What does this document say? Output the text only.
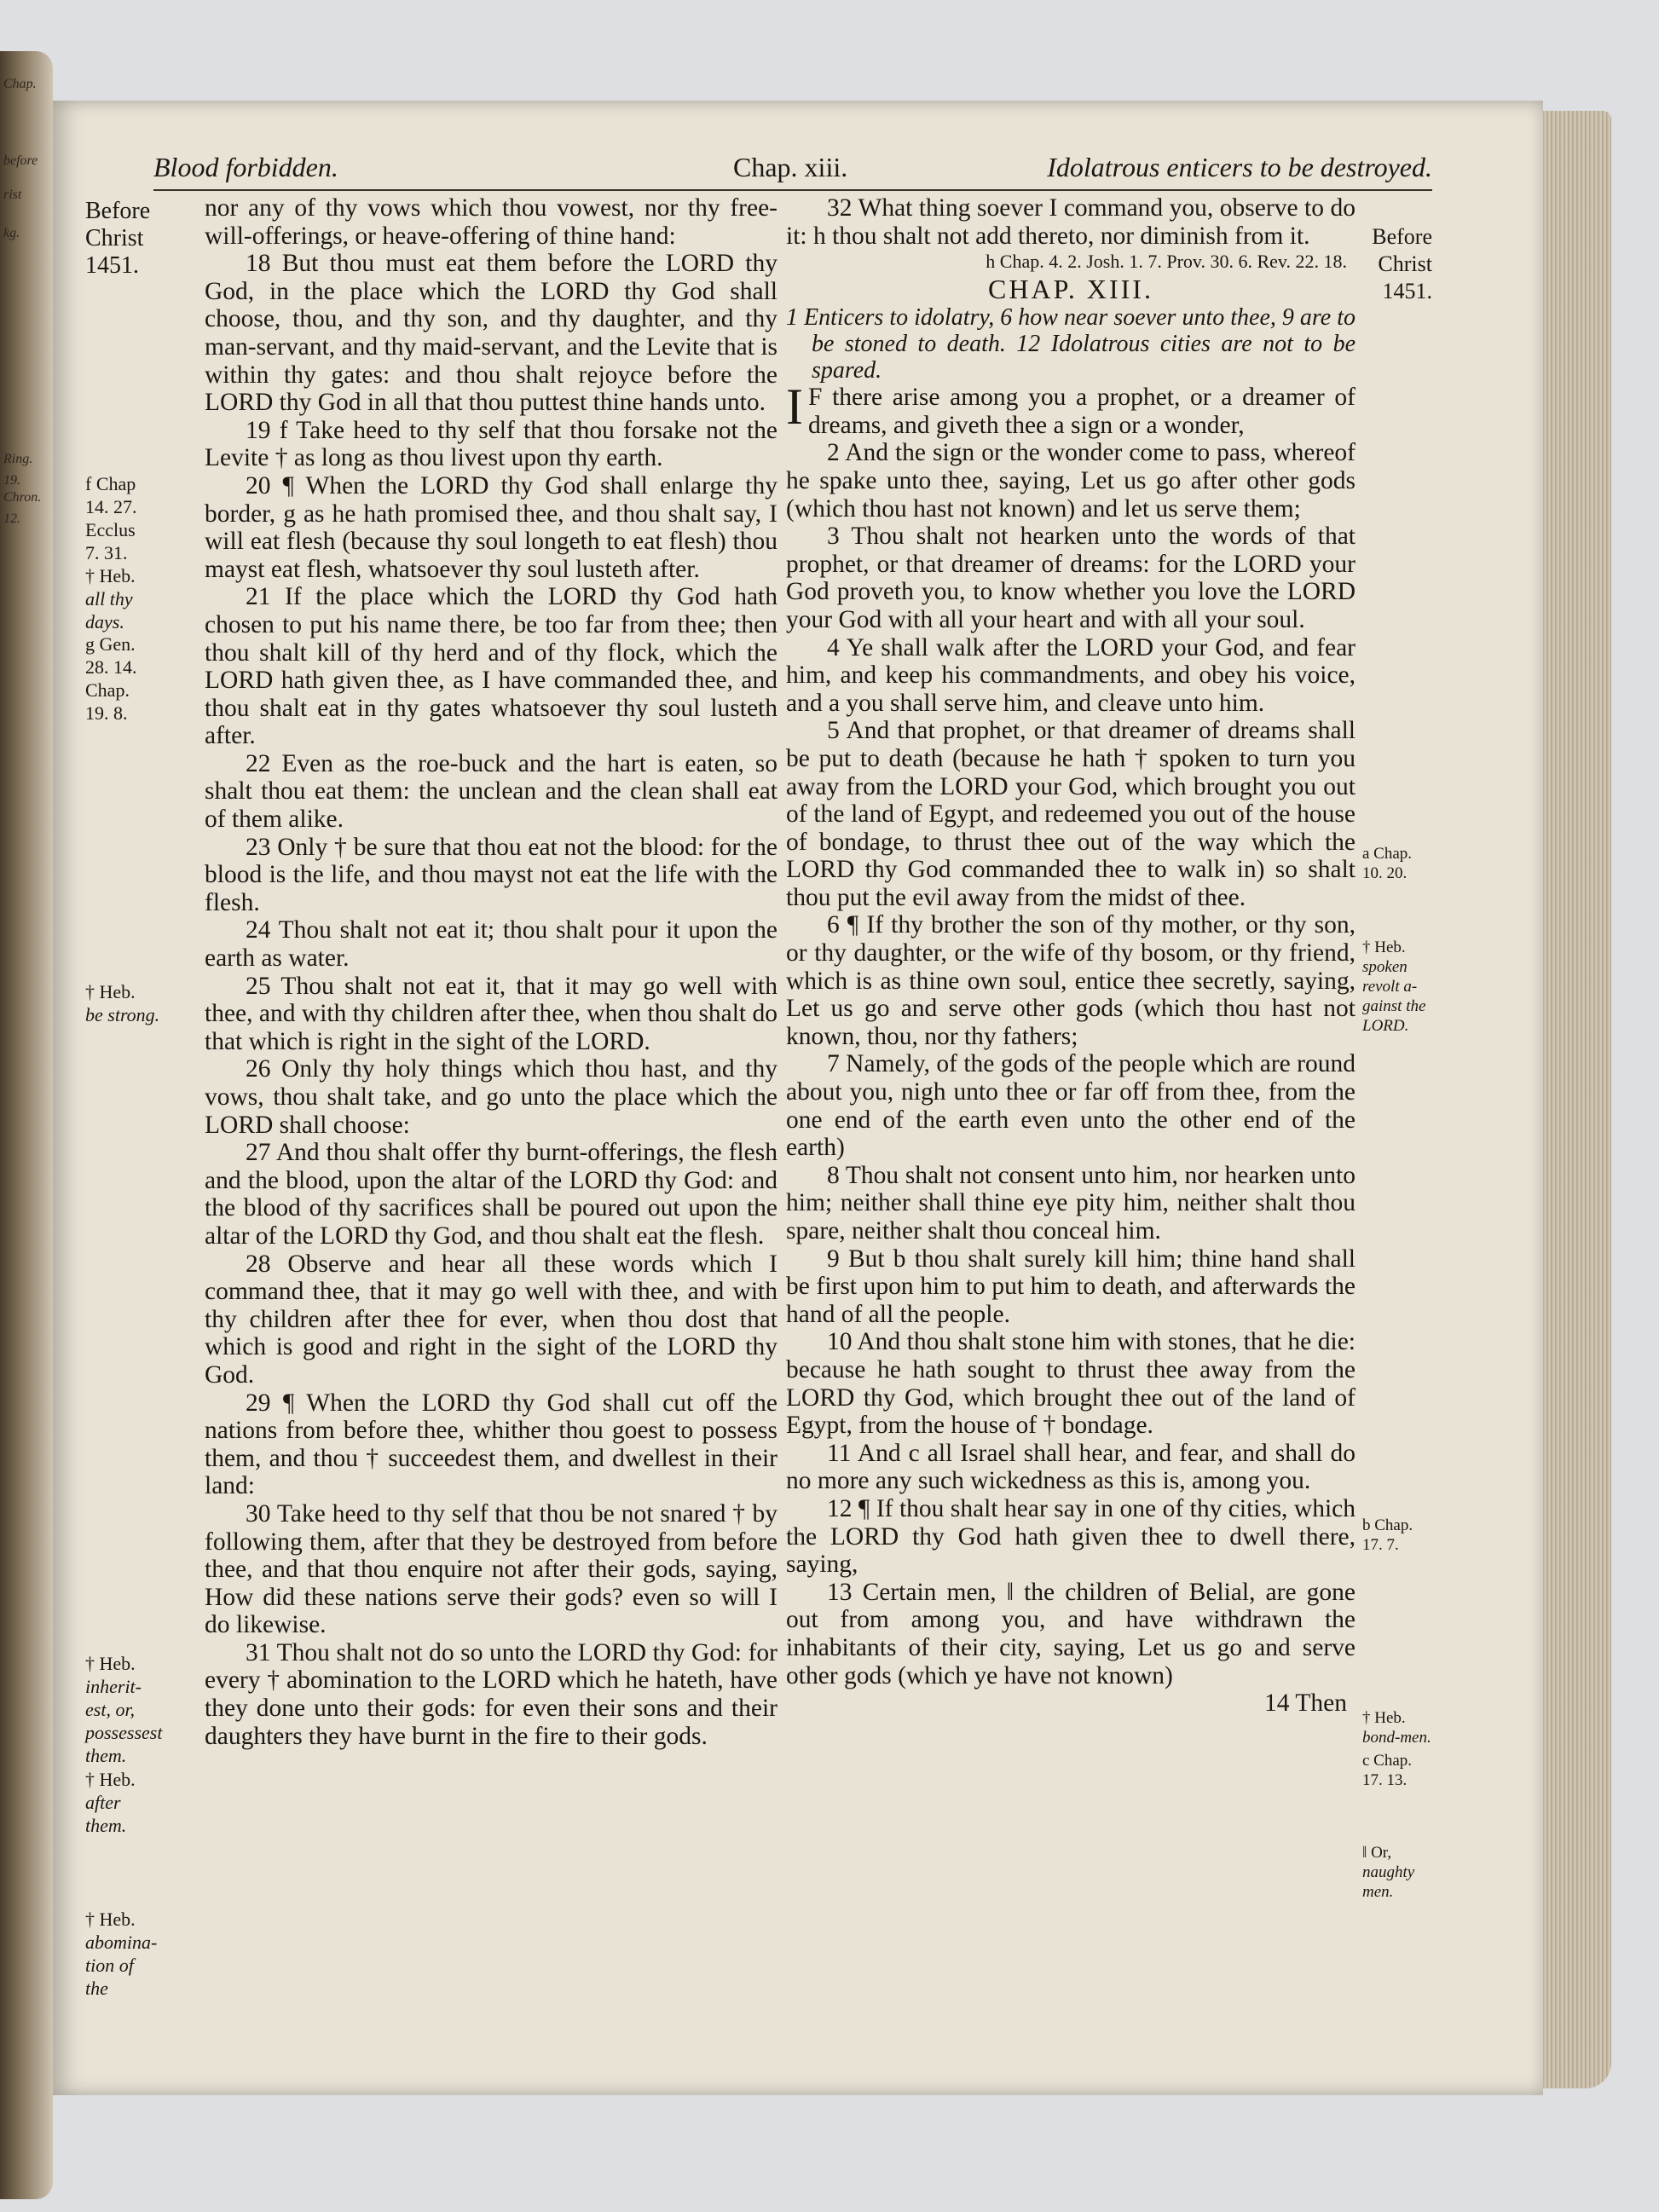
Chap.
before
rist
kg.
Ring.
19.
Chron.
12.
Blood forbidden.	Chap. xiii.	Idolatrous enticers to be destroyed.
Before
Christ
1451.
f Chap
14. 27.
Ecclus
7. 31.
† Heb.
all thy
days.
g Gen.
28. 14.
Chap.
19. 8.
† Heb.
be strong.
† Heb.
inherit-
est, or,
possessest
them.
† Heb.
after
them.
† Heb.
abomina-
tion of
the

nor any of thy vows which thou vowest, nor thy free-will-offerings, or heave-offering of thine hand:

18 But thou must eat them before the LORD thy God, in the place which the LORD thy God shall choose, thou, and thy son, and thy daughter, and thy man-servant, and thy maid-servant, and the Levite that is within thy gates: and thou shalt rejoyce before the LORD thy God in all that thou puttest thine hands unto.

19 f Take heed to thy self that thou forsake not the Levite † as long as thou livest upon thy earth.

20 ¶ When the LORD thy God shall enlarge thy border, g as he hath promised thee, and thou shalt say, I will eat flesh (because thy soul longeth to eat flesh) thou mayst eat flesh, whatsoever thy soul lusteth after.

21 If the place which the LORD thy God hath chosen to put his name there, be too far from thee; then thou shalt kill of thy herd and of thy flock, which the LORD hath given thee, as I have commanded thee, and thou shalt eat in thy gates whatsoever thy soul lusteth after.

22 Even as the roe-buck and the hart is eaten, so shalt thou eat them: the unclean and the clean shall eat of them alike.

23 Only † be sure that thou eat not the blood: for the blood is the life, and thou mayst not eat the life with the flesh.

24 Thou shalt not eat it; thou shalt pour it upon the earth as water.

25 Thou shalt not eat it, that it may go well with thee, and with thy children after thee, when thou shalt do that which is right in the sight of the LORD.

26 Only thy holy things which thou hast, and thy vows, thou shalt take, and go unto the place which the LORD shall choose:

27 And thou shalt offer thy burnt-offerings, the flesh and the blood, upon the altar of the LORD thy God: and the blood of thy sacrifices shall be poured out upon the altar of the LORD thy God, and thou shalt eat the flesh.

28 Observe and hear all these words which I command thee, that it may go well with thee, and with thy children after thee for ever, when thou dost that which is good and right in the sight of the LORD thy God.

29 ¶ When the LORD thy God shall cut off the nations from before thee, whither thou goest to possess them, and thou † succeedest them, and dwellest in their land:

30 Take heed to thy self that thou be not snared † by following them, after that they be destroyed from before thee, and that thou enquire not after their gods, saying, How did these nations serve their gods? even so will I do likewise.

31 Thou shalt not do so unto the LORD thy God: for every † abomination to the LORD which he hateth, have they done unto their gods: for even their sons and their daughters they have burnt in the fire to their gods.

32 What thing soever I command you, observe to do it: h thou shalt not add thereto, nor diminish from it.

h Chap. 4. 2. Josh. 1. 7. Prov. 30. 6. Rev. 22. 18.
CHAP. XIII.

1 Enticers to idolatry, 6 how near soever unto thee, 9 are to be stoned to death. 12 Idolatrous cities are not to be spared.

I F there arise among you a prophet, or a dreamer of dreams, and giveth thee a sign or a wonder,

2 And the sign or the wonder come to pass, whereof he spake unto thee, saying, Let us go after other gods (which thou hast not known) and let us serve them;

3 Thou shalt not hearken unto the words of that prophet, or that dreamer of dreams: for the LORD your God proveth you, to know whether you love the LORD your God with all your heart and with all your soul.

4 Ye shall walk after the LORD your God, and fear him, and keep his commandments, and obey his voice, and a you shall serve him, and cleave unto him.

5 And that prophet, or that dreamer of dreams shall be put to death (because he hath † spoken to turn you away from the LORD your God, which brought you out of the land of Egypt, and redeemed you out of the house of bondage, to thrust thee out of the way which the LORD thy God commanded thee to walk in) so shalt thou put the evil away from the midst of thee.

6 ¶ If thy brother the son of thy mother, or thy son, or thy daughter, or the wife of thy bosom, or thy friend, which is as thine own soul, entice thee secretly, saying, Let us go and serve other gods (which thou hast not known, thou, nor thy fathers;

7 Namely, of the gods of the people which are round about you, nigh unto thee or far off from thee, from the one end of the earth even unto the other end of the earth)

8 Thou shalt not consent unto him, nor hearken unto him; neither shall thine eye pity him, neither shalt thou spare, neither shalt thou conceal him.

9 But b thou shalt surely kill him; thine hand shall be first upon him to put him to death, and afterwards the hand of all the people.

10 And thou shalt stone him with stones, that he die: because he hath sought to thrust thee away from the LORD thy God, which brought thee out of the land of Egypt, from the house of † bondage.

11 And c all Israel shall hear, and fear, and shall do no more any such wickedness as this is, among you.

12 ¶ If thou shalt hear say in one of thy cities, which the LORD thy God hath given thee to dwell there, saying,

13 Certain men, ‖ the children of Belial, are gone out from among you, and have withdrawn the inhabitants of their city, saying, Let us go and serve other gods (which ye have not known)

14 Then

a Chap.
10. 20.
† Heb.
spoken
revolt a-
gainst the
LORD.
b Chap.
17. 7.
† Heb.
bond-men.
c Chap.
17. 13.
‖ Or,
naughty
men.
Before
Christ
1451.
